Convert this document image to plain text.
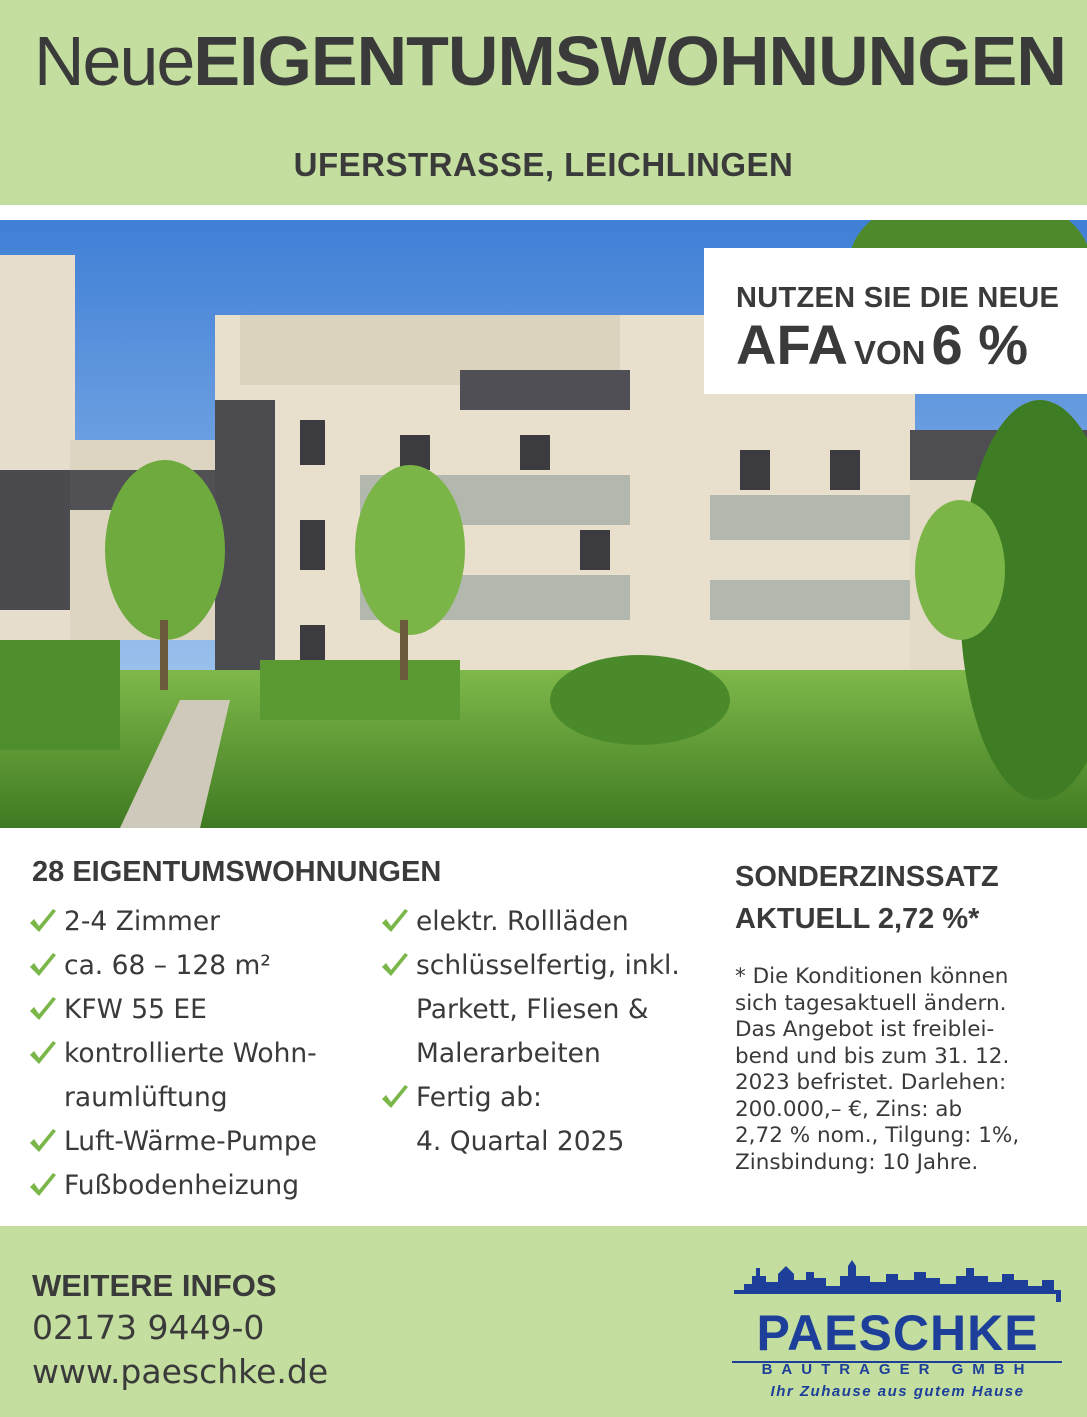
NeueEIGENTUMSWOHNUNGEN
UFERSTRASSE, LEICHLINGEN
NUTZEN SIE DIE NEUE
AFA VON 6 %
28 EIGENTUMSWOHNUNGEN
2-4 Zimmer
ca. 68 – 128 m²
KFW 55 EE
kontrollierte Wohn-
raumlüftung
Luft-Wärme-Pumpe
Fußbodenheizung
elektr. Rollläden
schlüsselfertig, inkl.
Parkett, Fliesen &
Malerarbeiten
Fertig ab:
4. Quartal 2025
SONDERZINSSATZ
AKTUELL 2,72 %*
* Die Konditionen können
sich tagesaktuell ändern.
Das Angebot ist freiblei-
bend und bis zum 31. 12.
2023 befristet. Darlehen:
200.000,– €, Zins: ab
2,72 % nom., Tilgung: 1%,
Zinsbindung: 10 Jahre.
WEITERE INFOS
02173 9449-0
www.paeschke.de
PAESCHKE
BAUTRÄGER GMBH
Ihr Zuhause aus gutem Hause
